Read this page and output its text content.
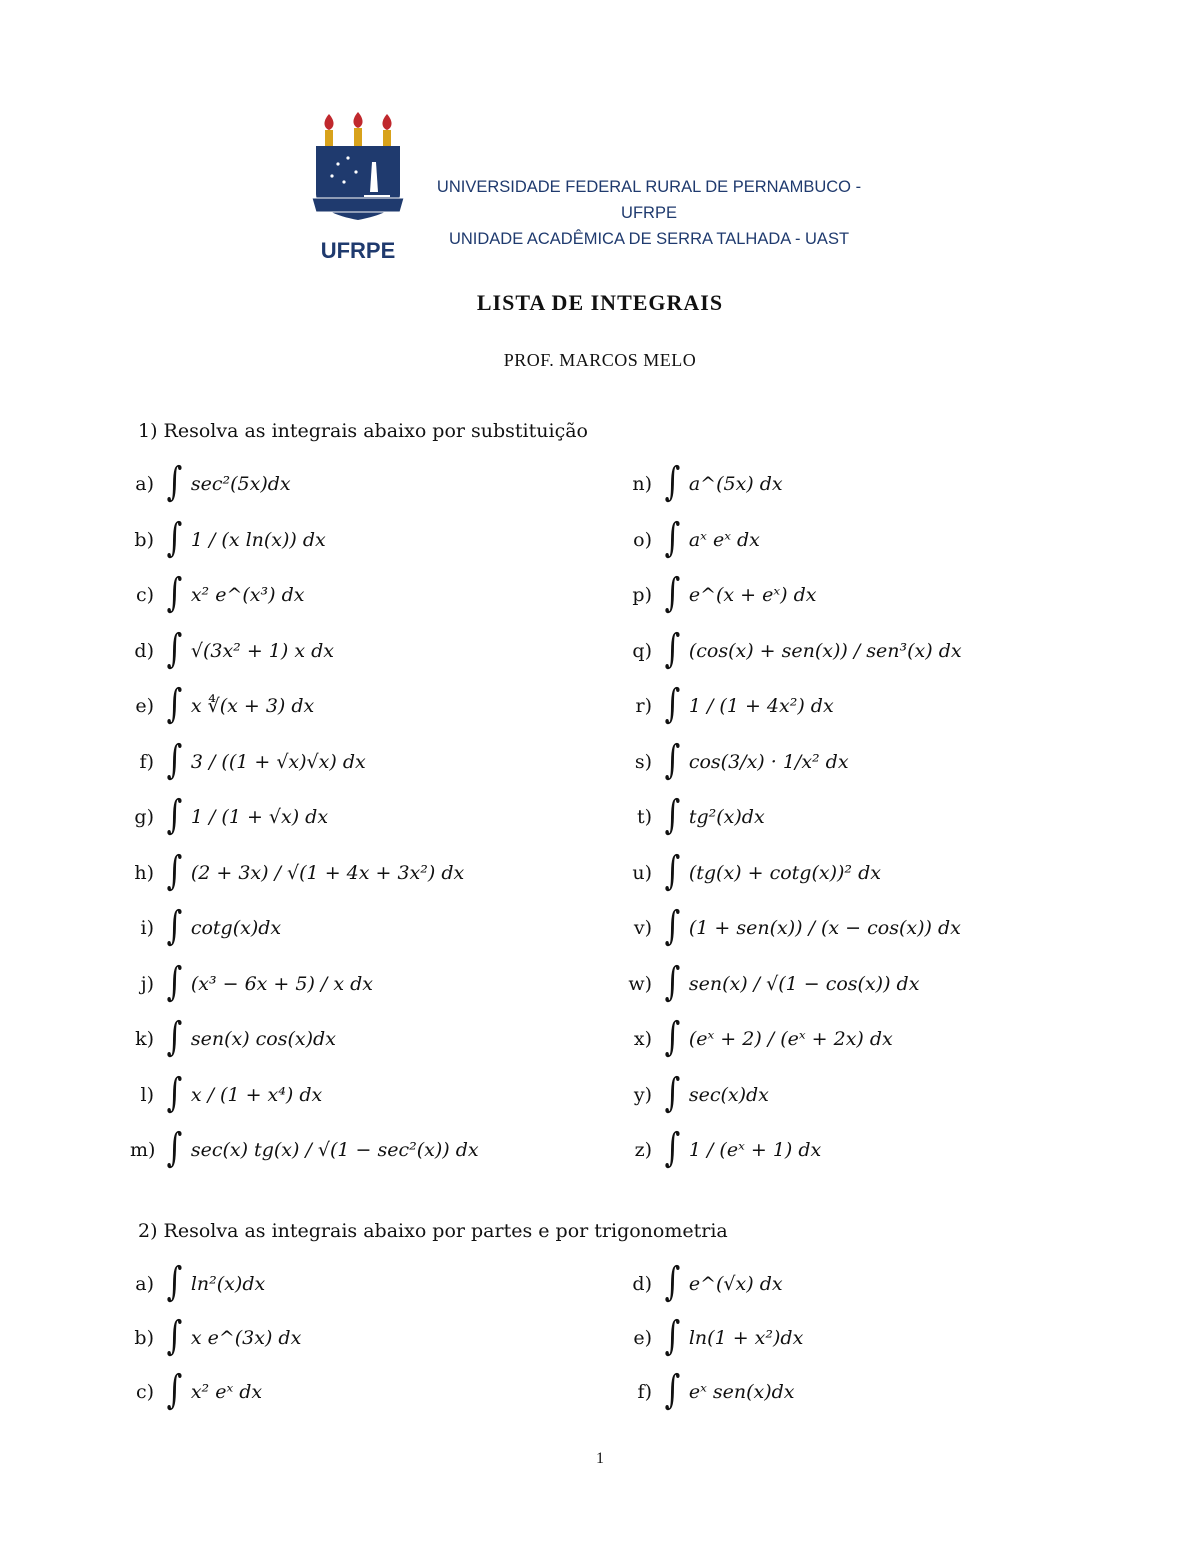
UFRPE
UNIVERSIDADE FEDERAL RURAL DE PERNAMBUCO - UFRPE
UNIDADE ACADÊMICA DE SERRA TALHADA - UAST
LISTA DE INTEGRAIS
PROF. MARCOS MELO
1) Resolva as integrais abaixo por substituição
a) ∫ sec²(5x)dx
b) ∫ 1 / (x ln(x)) dx
c) ∫ x² e^(x³) dx
d) ∫ √(3x² + 1) x dx
e) ∫ x ∜(x + 3) dx
f) ∫ 3 / ((1 + √x)√x) dx
g) ∫ 1 / (1 + √x) dx
h) ∫ (2 + 3x) / √(1 + 4x + 3x²) dx
i) ∫ cotg(x)dx
j) ∫ (x³ − 6x + 5) / x dx
k) ∫ sen(x) cos(x)dx
l) ∫ x / (1 + x⁴) dx
m) ∫ sec(x) tg(x) / √(1 − sec²(x)) dx
n) ∫ a^(5x) dx
o) ∫ aˣ eˣ dx
p) ∫ e^(x + eˣ) dx
q) ∫ (cos(x) + sen(x)) / sen³(x) dx
r) ∫ 1 / (1 + 4x²) dx
s) ∫ cos(3/x) · 1/x² dx
t) ∫ tg²(x)dx
u) ∫ (tg(x) + cotg(x))² dx
v) ∫ (1 + sen(x)) / (x − cos(x)) dx
w) ∫ sen(x) / √(1 − cos(x)) dx
x) ∫ (eˣ + 2) / (eˣ + 2x) dx
y) ∫ sec(x)dx
z) ∫ 1 / (eˣ + 1) dx
2) Resolva as integrais abaixo por partes e por trigonometria
a) ∫ ln²(x)dx
b) ∫ x e^(3x) dx
c) ∫ x² eˣ dx
d) ∫ e^(√x) dx
e) ∫ ln(1 + x²)dx
f) ∫ eˣ sen(x)dx
1
